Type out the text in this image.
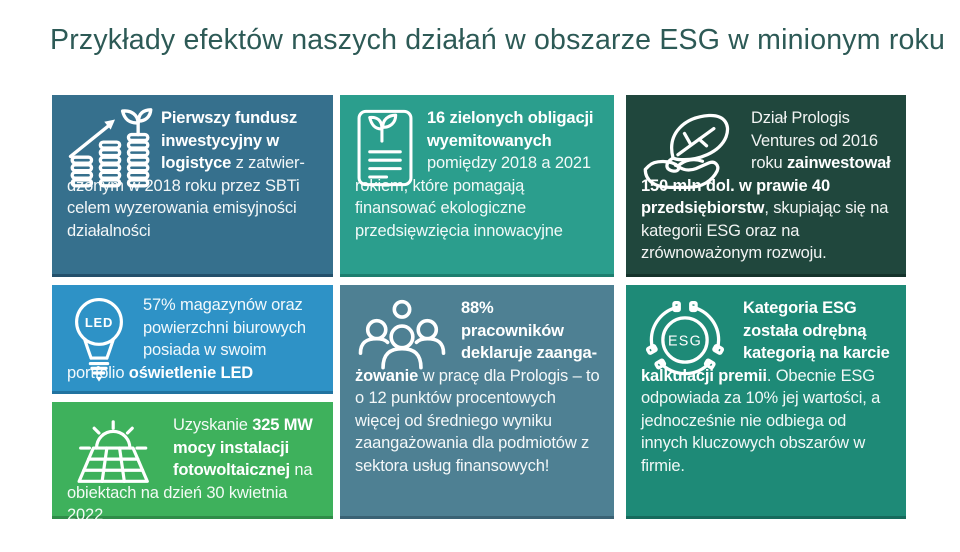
Przykłady efektów naszych działań w obszarze ESG w minionym roku

Pierwszy fundusz inwestycyjny w logistyce z zatwierdzonym w 2018 roku przez SBTi celem wyzerowania emisyjności działalności

16 zielonych obligacji wyemitowanych pomiędzy 2018 a 2021 rokiem, które pomagają finansować ekologiczne przedsięwzięcia innowacyjne

Dział Prologis Ventures od 2016 roku zainwestował 150 mln dol. w prawie 40 przedsiębiorstw, skupiając się na kategorii ESG oraz na zrównoważonym rozwoju.

LED

57% magazynów oraz powierzchni biurowych posiada w swoim portfolio oświetlenie LED

Uzyskanie 325 MW mocy instalacji fotowoltaicznej na obiektach na dzień 30 kwietnia 2022

88% pracowników deklaruje zaangażowanie w pracę dla Prologis – to o 12 punktów procentowych więcej od średniego wyniku zaangażowania dla podmiotów z sektora usług finansowych!

ESG

Kategoria ESG została odrębną kategorią na karcie kalkulacji premii. Obecnie ESG odpowiada za 10% jej wartości, a jednocześnie nie odbiega od innych kluczowych obszarów w firmie.
